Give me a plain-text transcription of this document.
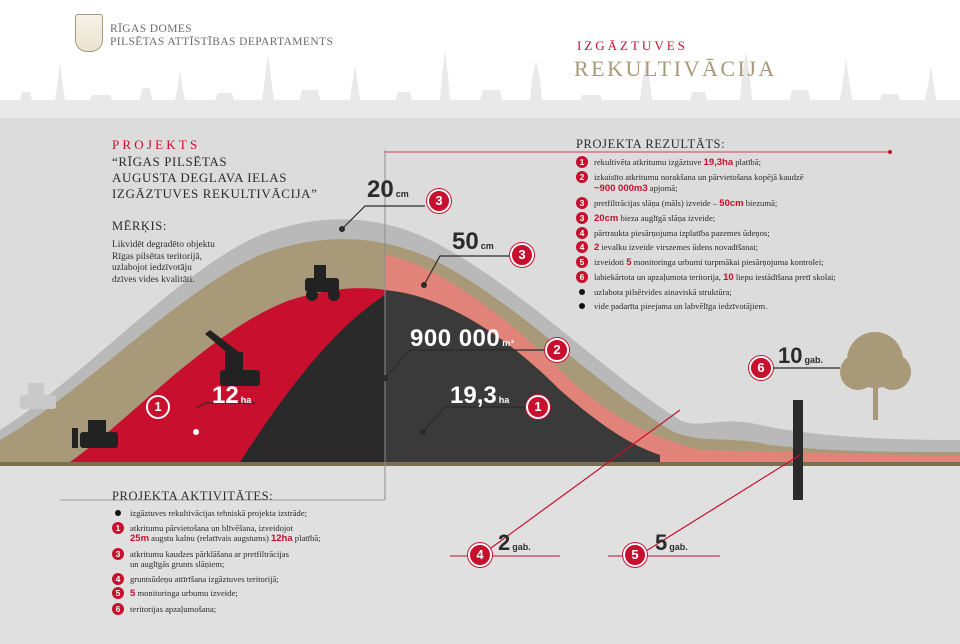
RĪGAS DOMES
PILSĒTAS ATTĪSTĪBAS DEPARTAMENTS	IZGĀZTUVES
REKULTIVĀCIJA
PROJEKTS
“RĪGAS PILSĒTAS
AUGUSTA DEGLAVA IELAS
IZGĀZTUVES REKULTIVĀCIJA”
MĒRĶIS:
Likvidēt degradēto objektu
Rīgas pilsētas teritorijā,
uzlabojot iedzīvotāju
dzīves vides kvalitāti.
PROJEKTA REZULTĀTS:
1	rekultivēta atkritumu izgāztuve 19,3ha platībā;
2	izkaisīto atkritumu norakšana un pārvietošana kopējā kaudzē
~900 000m3 apjomā;
3	pretfiltrācijas slāņa (māls) izveide – 50cm biezumā;
3	20cm bieza auglīgā slāņa izveide;
4	pārtraukta piesārņojuma izplatība pazemes ūdeņos;
4	2 ievalku izveide virszemes ūdens novadīšanai;
5	izveidoti 5 monitoringa urbumi turpmākai piesārņojuma kontrolei;
6	labiekārtota un apzaļumota teritorija, 10 liepu iestādīšana pretī skolai;
uzlabota pilsētvides ainaviskā struktūra;
vide padarīta pieejama un labvēlīga iedzīvotājiem.
PROJEKTA AKTIVITĀTES:
izgāztuves rekultivācijas tehniskā projekta izstrāde;
1	atkritumu pārvietošana un blīvēšana, izveidojot
25m augstu kalnu (relatīvais augstums) 12ha platībā;
3	atkritumu kaudzes pārklāšana ar pretfiltrācijas
un auglīgās grunts slāņiem;
4	gruntsūdeņu attīrīšana izgāztuves teritorijā;
5	5 monitoringa urbumu izveide;
6	teritorijas apzaļumošana;
20 cm	3
50 cm
3
900 000 m³	2
12 ha
1	19,3 ha	1
10 gab.
6
2 gab.
4	5 gab.
5
